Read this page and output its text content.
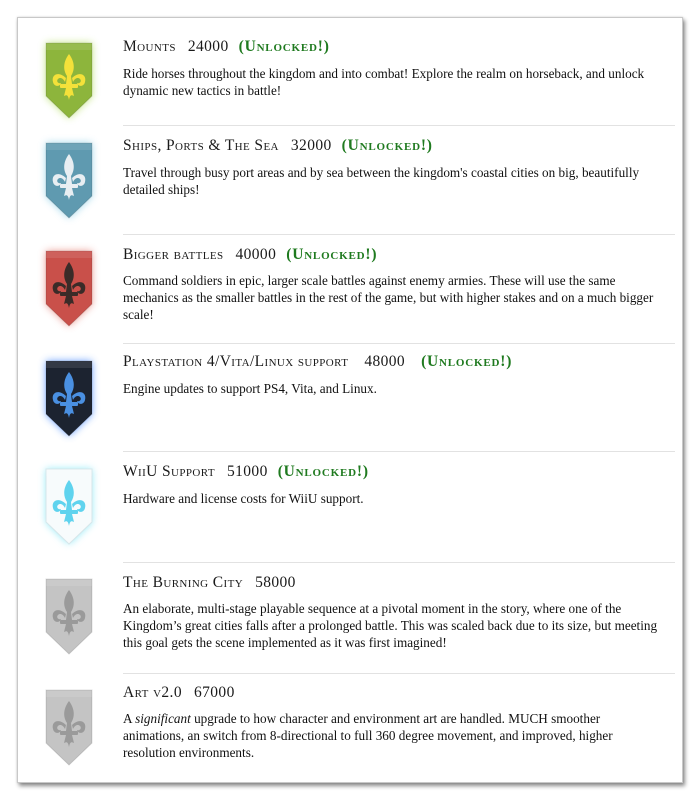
Mounts 24000 (Unlocked!)
Ride horses throughout the kingdom and into combat! Explore the realm on horseback, and unlock dynamic new tactics in battle!
Ships, Ports & The Sea 32000 (Unlocked!)
Travel through busy port areas and by sea between the kingdom's coastal cities on big, beautifully detailed ships!
Bigger battles 40000 (Unlocked!)
Command soldiers in epic, larger scale battles against enemy armies. These will use the same mechanics as the smaller battles in the rest of the game, but with higher stakes and on a much bigger scale!
Playstation 4/Vita/Linux support 48000 (Unlocked!)
Engine updates to support PS4, Vita, and Linux.
WiiU Support 51000 (Unlocked!)
Hardware and license costs for WiiU support.
The Burning City 58000
An elaborate, multi-stage playable sequence at a pivotal moment in the story, where one of the Kingdom’s great cities falls after a prolonged battle. This was scaled back due to its size, but meeting this goal gets the scene implemented as it was first imagined!
Art v2.0 67000
A significant upgrade to how character and environment art are handled. MUCH smoother animations, an switch from 8-directional to full 360 degree movement, and improved, higher resolution environments.
